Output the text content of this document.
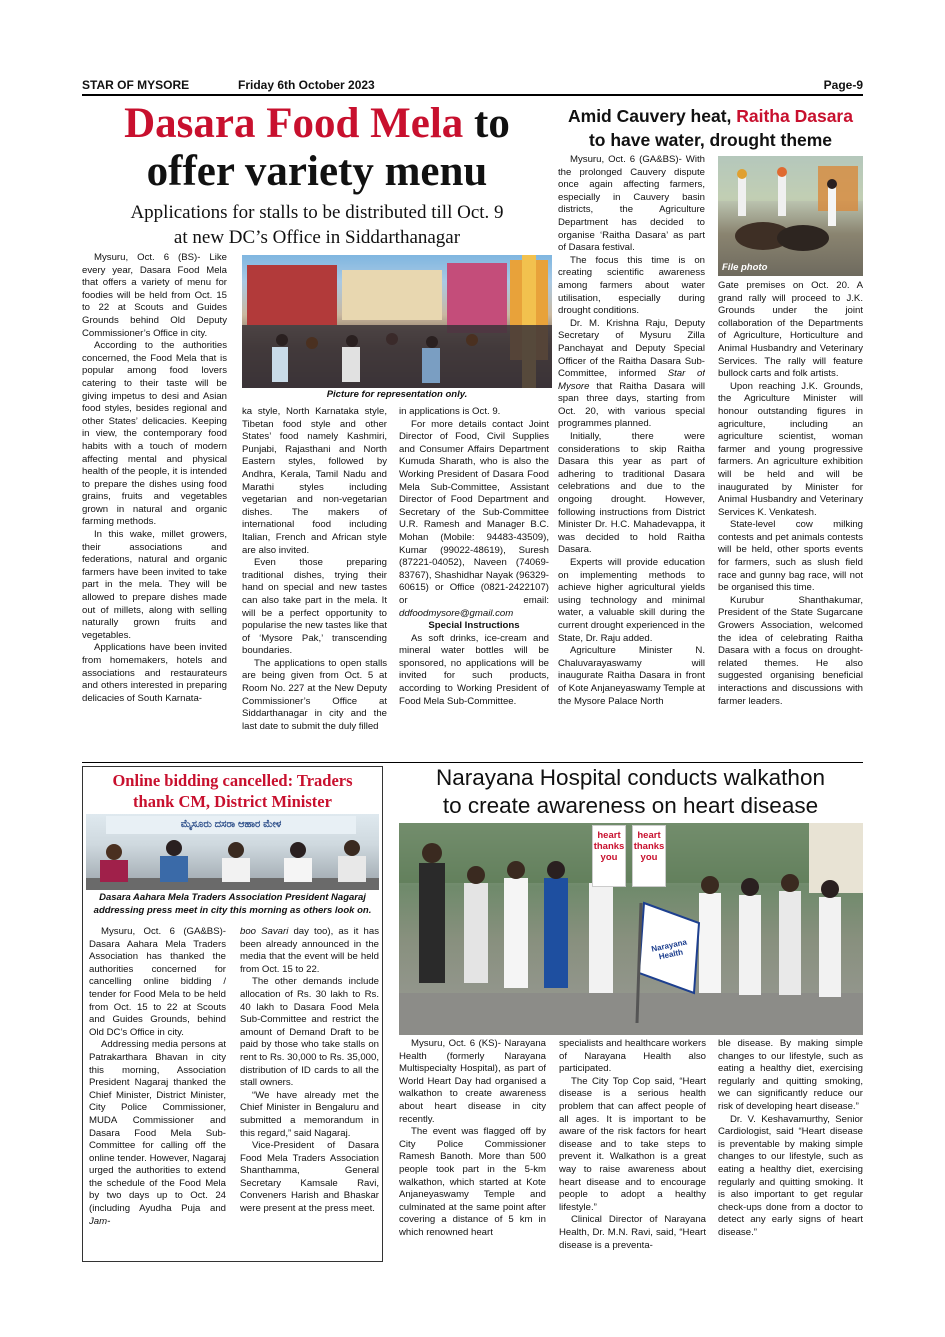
STAR OF MYSORE	Friday 6th October 2023	Page-9
Dasara Food Mela to
offer variety menu
Applications for stalls to be distributed till Oct. 9
at new DC’s Office in Siddarthanagar

Mysuru, Oct. 6 (BS)- Like every year, Dasara Food Mela that offers a variety of menu for foodies will be held from Oct. 15 to 22 at Scouts and Guides Grounds behind Old Deputy Commissioner’s Office in city.

According to the authorities concerned, the Food Mela that is popular among food lovers catering to their taste will be giving impetus to desi and Asian food styles, besides regional and other States’ delicacies. Keeping in view, the contemporary food habits with a touch of modern affecting mental and physical health of the people, it is intended to prepare the dishes using food grains, fruits and vegetables grown in natural and organic farming methods.

In this wake, millet growers, their associations and federations, natural and organic farmers have been invited to take part in the mela. They will be allowed to prepare dishes made out of millets, along with selling naturally grown fruits and vegetables.

Applications have been invited from homemakers, hotels and associations and restaurateurs and others interested in preparing delicacies of South Karnata-

Picture for representation only.

ka style, North Karnataka style, Tibetan food style and other States’ food namely Kashmiri, Punjabi, Rajasthani and North Eastern styles, followed by Andhra, Kerala, Tamil Nadu and Marathi styles including vegetarian and non-vegetarian dishes. The makers of international food including Italian, French and African style are also invited.

Even those preparing traditional dishes, trying their hand on special and new tastes can also take part in the mela. It will be a perfect opportunity to popularise the new tastes like that of ‘Mysore Pak,’ transcending boundaries.

The applications to open stalls are being given from Oct. 5 at Room No. 227 at the New Deputy Commissioner’s Office at Siddarthanagar in city and the last date to submit the duly filled

in applications is Oct. 9.

For more details contact Joint Director of Food, Civil Supplies and Consumer Affairs Department Kumuda Sharath, who is also the Working President of Dasara Food Mela Sub-Committee, Assistant Director of Food Department and Secretary of the Sub-Committee U.R. Ramesh and Manager B.C. Mohan (Mobile: 94483-43509), Kumar (99022-48619), Suresh (87221-04052), Naveen (74069-83767), Shashidhar Nayak (96329-60615) or Office (0821-2422107) or email: ddfoodmysore@gmail.com

Special Instructions

As soft drinks, ice-cream and mineral water bottles will be sponsored, no applications will be invited for such products, according to Working President of Food Mela Sub-Committee.

Amid Cauvery heat, Raitha Dasara
to have water, drought theme

Mysuru, Oct. 6 (GA&BS)- With the prolonged Cauvery dispute once again affecting farmers, especially in Cauvery basin districts, the Agriculture Department has decided to organise ‘Raitha Dasara’ as part of Dasara festival.

The focus this time is on creating scientific awareness among farmers about water utilisation, especially during drought conditions.

Dr. M. Krishna Raju, Deputy Secretary of Mysuru Zilla Panchayat and Deputy Special Officer of the Raitha Dasara Sub-Committee, informed Star of Mysore that Raitha Dasara will span three days, starting from Oct. 20, with various special programmes planned.

Initially, there were considerations to skip Raitha Dasara this year as part of adhering to traditional Dasara celebrations and due to the ongoing drought. However, following instructions from District Minister Dr. H.C. Mahadevappa, it was decided to hold Raitha Dasara.

Experts will provide education on implementing methods to achieve higher agricultural yields using technology and minimal water, a valuable skill during the current drought experienced in the State, Dr. Raju added.

Agriculture Minister N. Chaluvarayaswamy will inaugurate Raitha Dasara in front of Kote Anjaneyaswamy Temple at the Mysore Palace North

File photo

Gate premises on Oct. 20. A grand rally will proceed to J.K. Grounds under the joint collaboration of the Departments of Agriculture, Horticulture and Animal Husbandry and Veterinary Services. The rally will feature bullock carts and folk artists.

Upon reaching J.K. Grounds, the Agriculture Minister will honour outstanding figures in agriculture, including an agriculture scientist, woman farmer and young progressive farmers. An agriculture exhibition will be held and will be inaugurated by Minister for Animal Husbandry and Veterinary Services K. Venkatesh.

State-level cow milking contests and pet animals contests will be held, other sports events for farmers, such as slush field race and gunny bag race, will not be organised this time.

Kurubur Shanthakumar, President of the State Sugarcane Growers Association, welcomed the idea of celebrating Raitha Dasara with a focus on drought-related themes. He also suggested organising beneficial interactions and discussions with farmer leaders.

Online bidding cancelled: Traders
thank CM, District Minister
ಮೈಸೂರು ದಸರಾ ಆಹಾರ ಮೇಳ
Dasara Aahara Mela Traders Association President Nagaraj addressing press meet in city this morning as others look on.

Mysuru, Oct. 6 (GA&BS)- Dasara Aahara Mela Traders Association has thanked the authorities concerned for cancelling online bidding / tender for Food Mela to be held from Oct. 15 to 22 at Scouts and Guides Grounds, behind Old DC’s Office in city.

Addressing media persons at Patrakarthara Bhavan in city this morning, Association President Nagaraj thanked the Chief Minister, District Minister, City Police Commissioner, MUDA Commissioner and Dasara Food Mela Sub-Committee for calling off the online tender. However, Nagaraj urged the authorities to extend the schedule of the Food Mela by two days up to Oct. 24 (including Ayudha Puja and Jam-

boo Savari day too), as it has been already announced in the media that the event will be held from Oct. 15 to 22.

The other demands include allocation of Rs. 30 lakh to Rs. 40 lakh to Dasara Food Mela Sub-Committee and restrict the amount of Demand Draft to be paid by those who take stalls on rent to Rs. 30,000 to Rs. 35,000, distribution of ID cards to all the stall owners.

“We have already met the Chief Minister in Bengaluru and submitted a memorandum in this regard,” said Nagaraj.

Vice-President of Dasara Food Mela Traders Association Shanthamma, General Secretary Kamsale Ravi, Conveners Harish and Bhaskar were present at the press meet.

Narayana Hospital conducts walkathon
to create awareness on heart disease
heart thanks you
heart thanks you
Narayana Health

Mysuru, Oct. 6 (KS)- Narayana Health (formerly Narayana Multispecialty Hospital), as part of World Heart Day had organised a walkathon to create awareness about heart disease in city recently.

The event was flagged off by City Police Commissioner Ramesh Banoth. More than 500 people took part in the 5-km walkathon, which started at Kote Anjaneyaswamy Temple and culminated at the same point after covering a distance of 5 km in which renowned heart

specialists and healthcare workers of Narayana Health also participated.

The City Top Cop said, “Heart disease is a serious health problem that can affect people of all ages. It is important to be aware of the risk factors for heart disease and to take steps to prevent it. Walkathon is a great way to raise awareness about heart disease and to encourage people to adopt a healthy lifestyle.”

Clinical Director of Narayana Health, Dr. M.N. Ravi, said, “Heart disease is a preventa-

ble disease. By making simple changes to our lifestyle, such as eating a healthy diet, exercising regularly and quitting smoking, we can significantly reduce our risk of developing heart disease.”

Dr. V. Keshavamurthy, Senior Cardiologist, said “Heart disease is preventable by making simple changes to our lifestyle, such as eating a healthy diet, exercising regularly and quitting smoking. It is also important to get regular check-ups done from a doctor to detect any early signs of heart disease.”
